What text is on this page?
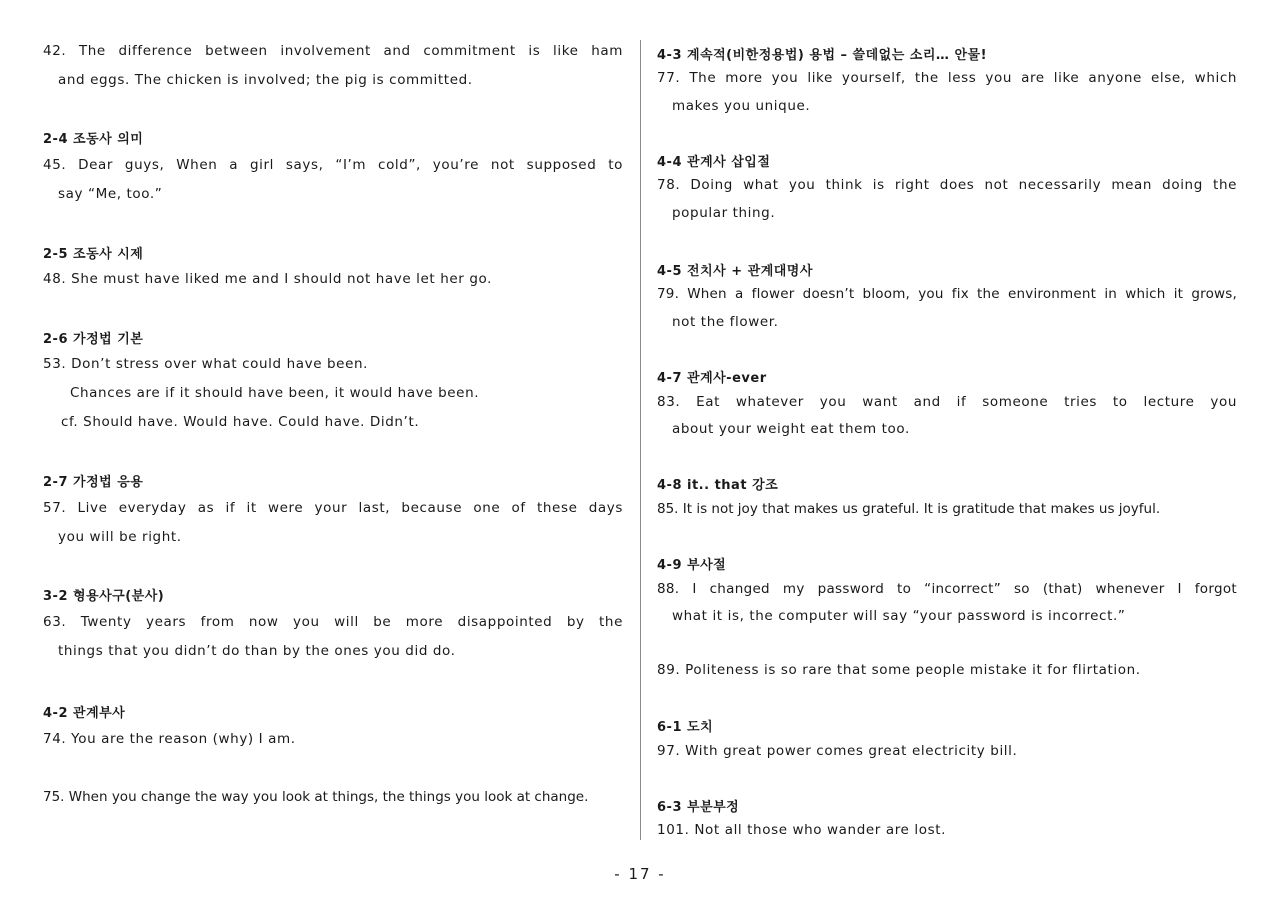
42. The difference between involvement and commitment is like ham
and eggs. The chicken is involved; the pig is committed.
2-4 조동사 의미
45. Dear guys, When a girl says, “I’m cold”, you’re not supposed to
say “Me, too.”
2-5 조동사 시제
48. She must have liked me and I should not have let her go.
2-6 가정법 기본
53. Don’t stress over what could have been.
Chances are if it should have been, it would have been.
cf. Should have. Would have. Could have. Didn’t.
2-7 가정법 응용
57. Live everyday as if it were your last, because one of these days
you will be right.
3-2 형용사구(분사)
63. Twenty years from now you will be more disappointed by the
things that you didn’t do than by the ones you did do.
4-2 관계부사
74. You are the reason (why) I am.
75. When you change the way you look at things, the things you look at change.
4-3 계속적(비한정용법) 용법 – 쓸데없는 소리… 안물!
77. The more you like yourself, the less you are like anyone else, which
makes you unique.
4-4 관계사 삽입절
78. Doing what you think is right does not necessarily mean doing the
popular thing.
4-5 전치사 + 관계대명사
79. When a flower doesn’t bloom, you fix the environment in which it grows,
not the flower.
4-7 관계사-ever
83. Eat whatever you want and if someone tries to lecture you
about your weight eat them too.
4-8 it.. that 강조
85. It is not joy that makes us grateful. It is gratitude that makes us joyful.
4-9 부사절
88. I changed my password to “incorrect” so (that) whenever I forgot
what it is, the computer will say “your password is incorrect.”
89. Politeness is so rare that some people mistake it for flirtation.
6-1 도치
97. With great power comes great electricity bill.
6-3 부분부정
101. Not all those who wander are lost.
- 17 -
